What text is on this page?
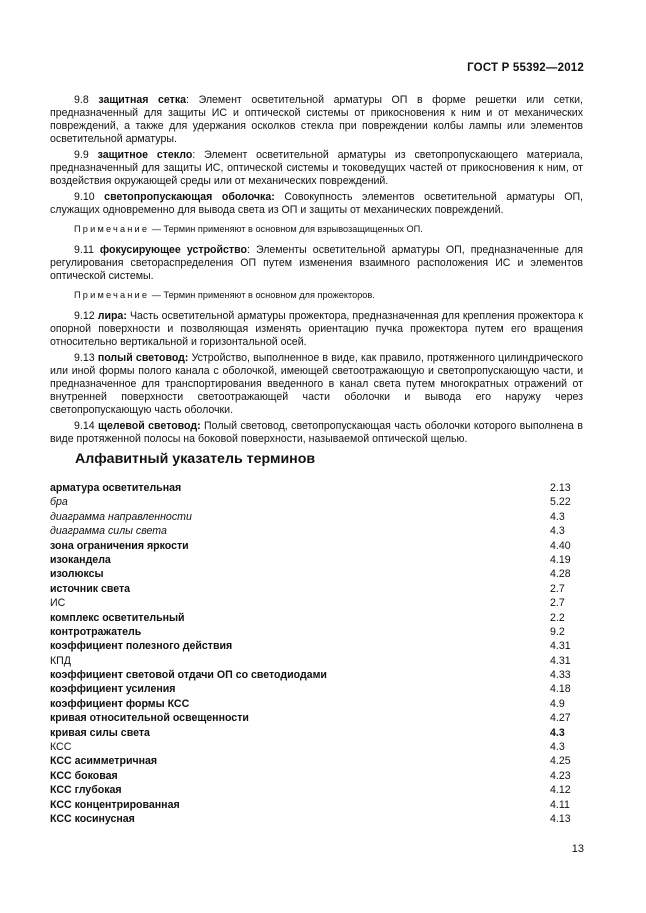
ГОСТ Р 55392—2012

9.8 защитная сетка: Элемент осветительной арматуры ОП в форме решетки или сетки, предназначенный для защиты ИС и оптической системы от прикосновения к ним и от механических повреждений, а также для удержания осколков стекла при повреждении колбы лампы или элементов осветительной арматуры.

9.9 защитное стекло: Элемент осветительной арматуры из светопропускающего материала, предназначенный для защиты ИС, оптической системы и токоведущих частей от прикосновения к ним, от воздействия окружающей среды или от механических повреждений.

9.10 светопропускающая оболочка: Совокупность элементов осветительной арматуры ОП, служащих одновременно для вывода света из ОП и защиты от механических повреждений.

Примечание — Термин применяют в основном для взрывозащищенных ОП.

9.11 фокусирующее устройство: Элементы осветительной арматуры ОП, предназначенные для регулирования светораспределения ОП путем изменения взаимного расположения ИС и элементов оптической системы.

Примечание — Термин применяют в основном для прожекторов.

9.12 лира: Часть осветительной арматуры прожектора, предназначенная для крепления прожектора к опорной поверхности и позволяющая изменять ориентацию пучка прожектора путем его вращения относительно вертикальной и горизонтальной осей.

9.13 полый световод: Устройство, выполненное в виде, как правило, протяженного цилиндрического или иной формы полого канала с оболочкой, имеющей светоотражающую и светопропускающую части, и предназначенное для транспортирования введенного в канал света путем многократных отражений от внутренней поверхности светоотражающей части оболочки и вывода его наружу через светопропускающую часть оболочки.

9.14 щелевой световод: Полый световод, светопропускающая часть оболочки которого выполнена в виде протяженной полосы на боковой поверхности, называемой оптической щелью.

Алфавитный указатель терминов
арматура осветительная	2.13
бра	5.22
диаграмма направленности	4.3
диаграмма силы света	4.3
зона ограничения яркости	4.40
изокандела	4.19
изолюксы	4.28
источник света	2.7
ИС	2.7
комплекс осветительный	2.2
контротражатель	9.2
коэффициент полезного действия	4.31
КПД	4.31
коэффициент световой отдачи ОП со светодиодами	4.33
коэффициент усиления	4.18
коэффициент формы КСС	4.9
кривая относительной освещенности	4.27
кривая силы света	4.3
КСС	4.3
КСС асимметричная	4.25
КСС боковая	4.23
КСС глубокая	4.12
КСС концентрированная	4.11
КСС косинусная	4.13
13
